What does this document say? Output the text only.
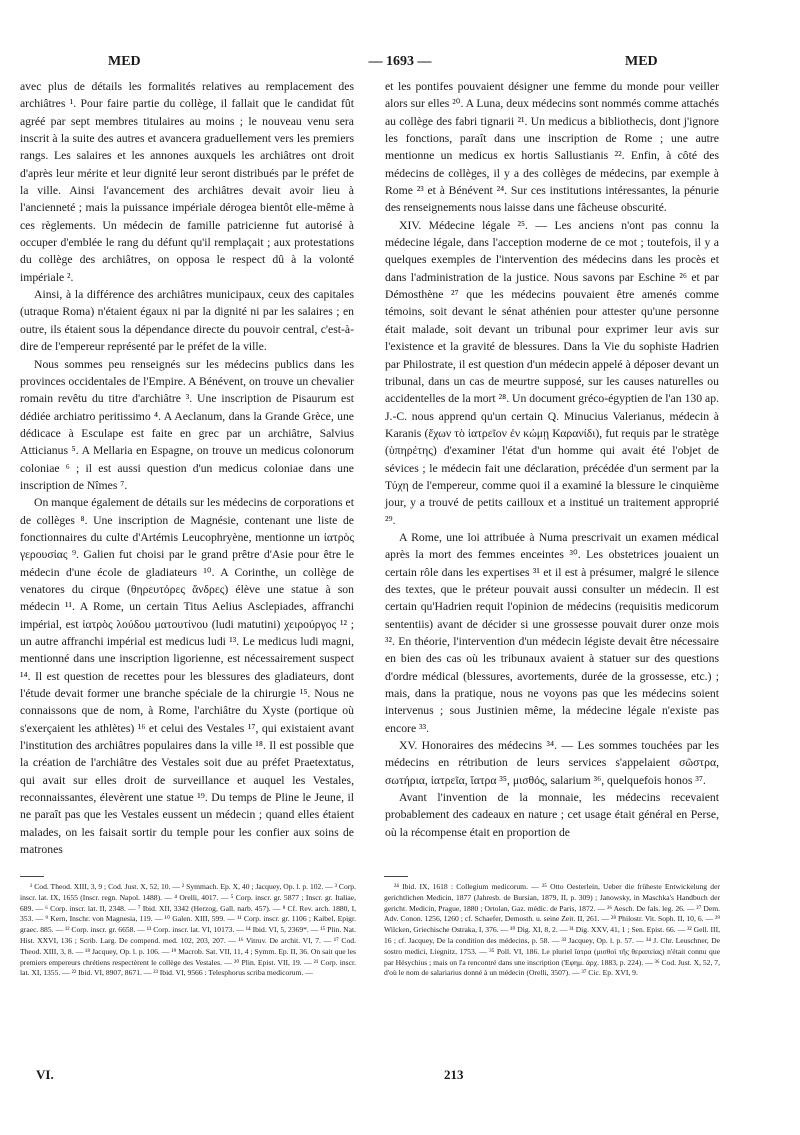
MED	— 1693 —	MED

avec plus de détails les formalités relatives au remplacement des archiâtres ¹. Pour faire partie du collège, il fallait que le candidat fût agréé par sept membres titulaires au moins ; le nouveau venu sera inscrit à la suite des autres et avancera graduellement vers les premiers rangs. Les salaires et les annones auxquels les archiâtres ont droit d'après leur mérite et leur dignité leur seront distribués par le préfet de la ville. Ainsi l'avancement des archiâtres devait avoir lieu à l'ancienneté ; mais la puissance impériale dérogea bientôt elle-même à ces règlements. Un médecin de famille patricienne fut autorisé à occuper d'emblée le rang du défunt qu'il remplaçait ; aux protestations du collège des archiâtres, on opposa le respect dû à la volonté impériale ².

Ainsi, à la différence des archiâtres municipaux, ceux des capitales (utraque Roma) n'étaient égaux ni par la dignité ni par les salaires ; en outre, ils étaient sous la dépendance directe du pouvoir central, c'est-à-dire de l'empereur représenté par le préfet de la ville.

Nous sommes peu renseignés sur les médecins publics dans les provinces occidentales de l'Empire. A Bénévent, on trouve un chevalier romain revêtu du titre d'archiâtre ³. Une inscription de Pisaurum est dédiée archiatro peritissimo ⁴. A Aeclanum, dans la Grande Grèce, une dédicace à Esculape est faite en grec par un archiâtre, Salvius Atticianus ⁵. A Mellaria en Espagne, on trouve un medicus colonorum coloniae ⁶ ; il est aussi question d'un medicus coloniae dans une inscription de Nîmes ⁷.

On manque également de détails sur les médecins de corporations et de collèges ⁸. Une inscription de Magnésie, contenant une liste de fonctionnaires du culte d'Artémis Leucophryène, mentionne un ἰατρὸς γερουσίας ⁹. Galien fut choisi par le grand prêtre d'Asie pour être le médecin d'une école de gladiateurs ¹⁰. A Corinthe, un collège de venatores du cirque (θηρευτόρες ἄνδρες) élève une statue à son médecin ¹¹. A Rome, un certain Titus Aelius Asclepiades, affranchi impérial, est ἰατρὸς λούδου ματουτίνου (ludi matutini) χειρούργος ¹² ; un autre affranchi impérial est medicus ludi ¹³. Le medicus ludi magni, mentionné dans une inscription ligorienne, est nécessairement suspect ¹⁴. Il est question de recettes pour les blessures des gladiateurs, dont l'étude devait former une branche spéciale de la chirurgie ¹⁵. Nous ne connaissons que de nom, à Rome, l'archiâtre du Xyste (portique où s'exerçaient les athlètes) ¹⁶ et celui des Vestales ¹⁷, qui existaient avant l'institution des archiâtres populaires dans la ville ¹⁸. Il est possible que la création de l'archiâtre des Vestales soit due au préfet Praetextatus, qui avait sur elles droit de surveillance et auquel les Vestales, reconnaissantes, élevèrent une statue ¹⁹. Du temps de Pline le Jeune, il ne paraît pas que les Vestales eussent un médecin ; quand elles étaient malades, on les faisait sortir du temple pour les confier aux soins de matrones

et les pontifes pouvaient désigner une femme du monde pour veiller alors sur elles ²⁰. A Luna, deux médecins sont nommés comme attachés au collège des fabri tignarii ²¹. Un medicus a bibliothecis, dont j'ignore les fonctions, paraît dans une inscription de Rome ; une autre mentionne un medicus ex hortis Sallustianis ²². Enfin, à côté des médecins de collèges, il y a des collèges de médecins, par exemple à Rome ²³ et à Bénévent ²⁴. Sur ces institutions intéressantes, la pénurie des renseignements nous laisse dans une fâcheuse obscurité.

XIV. Médecine légale ²⁵. — Les anciens n'ont pas connu la médecine légale, dans l'acception moderne de ce mot ; toutefois, il y a quelques exemples de l'intervention des médecins dans les procès et dans l'administration de la justice. Nous savons par Eschine ²⁶ et par Démosthène ²⁷ que les médecins pouvaient être amenés comme témoins, soit devant le sénat athénien pour attester qu'une personne était malade, soit devant un tribunal pour exprimer leur avis sur l'existence et la gravité de blessures. Dans la Vie du sophiste Hadrien par Philostrate, il est question d'un médecin appelé à déposer devant un tribunal, dans un cas de meurtre supposé, sur les causes naturelles ou accidentelles de la mort ²⁸. Un document gréco-égyptien de l'an 130 ap. J.-C. nous apprend qu'un certain Q. Minucius Valerianus, médecin à Karanis (ἔχων τὸ ἰατρεῖον ἐν κώμῃ Καρανίδι), fut requis par le stratège (ὑπηρέτης) d'examiner l'état d'un homme qui avait été l'objet de sévices ; le médecin fait une déclaration, précédée d'un serment par la Τύχη de l'empereur, comme quoi il a examiné la blessure le cinquième jour, y a trouvé de petits cailloux et a institué un traitement approprié ²⁹.

A Rome, une loi attribuée à Numa prescrivait un examen médical après la mort des femmes enceintes ³⁰. Les obstetrices jouaient un certain rôle dans les expertises ³¹ et il est à présumer, malgré le silence des textes, que le préteur pouvait aussi consulter un médecin. Il est certain qu'Hadrien requit l'opinion de médecins (requisitis medicorum sententiis) avant de décider si une grossesse pouvait durer onze mois ³². En théorie, l'intervention d'un médecin légiste devait être nécessaire en bien des cas où les tribunaux avaient à statuer sur des questions d'ordre médical (blessures, avortements, durée de la grossesse, etc.) ; mais, dans la pratique, nous ne voyons pas que les médecins soient intervenus ; sous Justinien même, la médecine légale n'existe pas encore ³³.

XV. Honoraires des médecins ³⁴. — Les sommes touchées par les médecins en rétribution de leurs services s'appelaient σῶστρα, σωτήρια, ἰατρεῖα, ἴατρα ³⁵, μισθός, salarium ³⁶, quelquefois honos ³⁷.

Avant l'invention de la monnaie, les médecins recevaient probablement des cadeaux en nature ; cet usage était général en Perse, où la récompense était en proportion de

¹ Cod. Theod. XIII, 3, 9 ; Cod. Just. X, 52, 10. — ² Symmach. Ep. X, 40 ; Jacquey, Op. l. p. 102. — ³ Corp. inscr. lat. IX, 1655 (Inscr. regn. Napol. 1488). — ⁴ Orelli, 4017. — ⁵ Corp. inscr. gr. 5877 ; Inscr. gr. Italiae, 689. — ⁶ Corp. inscr. lat. II, 2348. — ⁷ Ibid. XII, 3342 (Herzog, Gall. narb. 457). — ⁸ Cf. Rev. arch. 1880, I, 353. — ⁹ Kern, Inschr. von Magnesia, 119. — ¹⁰ Galen. XIII, 599. — ¹¹ Corp. inscr. gr. 1106 ; Kaibel, Epigr. graec. 885. — ¹² Corp. inscr. gr. 6658. — ¹³ Corp. inscr. lat. VI, 10173. — ¹⁴ Ibid. VI, 5, 2369*. — ¹⁵ Plin. Nat. Hist. XXVI, 136 ; Scrib. Larg. De compend. med. 102, 203, 207. — ¹⁶ Vitruv. De archit. VI, 7. — ¹⁷ Cod. Theod. XIII, 3, 8. — ¹⁸ Jacquey, Op. l. p. 106. — ¹⁹ Macrob. Sat. VII, 11, 4 ; Symm. Ep. II, 36. On sait que les premiers empereurs chrétiens respectèrent le collège des Vestales. — ²⁰ Plin. Epist. VII, 19. — ²¹ Corp. inscr. lat. XI, 1355. — ²² Ibid. VI, 8907, 8671. — ²³ Ibid. VI, 9566 : Telesphorus scriba medicorum. —

²⁴ Ibid. IX, 1618 : Collegium medicorum. — ²⁵ Otto Oesterlein, Ueber die früheste Entwickelung der gerichtlichen Medicin, 1877 (Jahresb. de Bursian, 1879, II, p. 309) ; Janowsky, in Maschka's Handbuch der gericht. Medicin, Prague, 1880 ; Ortolan, Gaz. médic. de Paris, 1872. — ²⁶ Aesch. De fals. leg. 26. — ²⁷ Dem. Adv. Conon. 1256, 1260 ; cf. Schaefer, Demosth. u. seine Zeit. II, 261. — ²⁸ Philostr. Vit. Soph. II, 10, 6. — ²⁹ Wilcken, Griechische Ostraka, I, 376. — ³⁰ Dig. XI, 8, 2. — ³¹ Dig. XXV, 41, 1 ; Sen. Epist. 66. — ³² Gell. III, 16 ; cf. Jacquey, De la condition des médecins, p. 58. — ³³ Jacquey, Op. l. p. 57. — ³⁴ J. Chr. Leuschner, De sostro medici, Liegnitz, 1753. — ³⁵ Poll. VI, 186. Le pluriel ἴατρα (μισθοὶ τῆς θεραπείας) n'était connu que par Hésychius ; mais on l'a rencontré dans une inscription (Ἐφημ. ἀρχ. 1883, p. 224). — ³⁶ Cod. Just. X, 52, 7, d'où le nom de salariarius donné à un médecin (Orelli, 3507). — ³⁷ Cic. Ep. XVI, 9.

VI.	213
